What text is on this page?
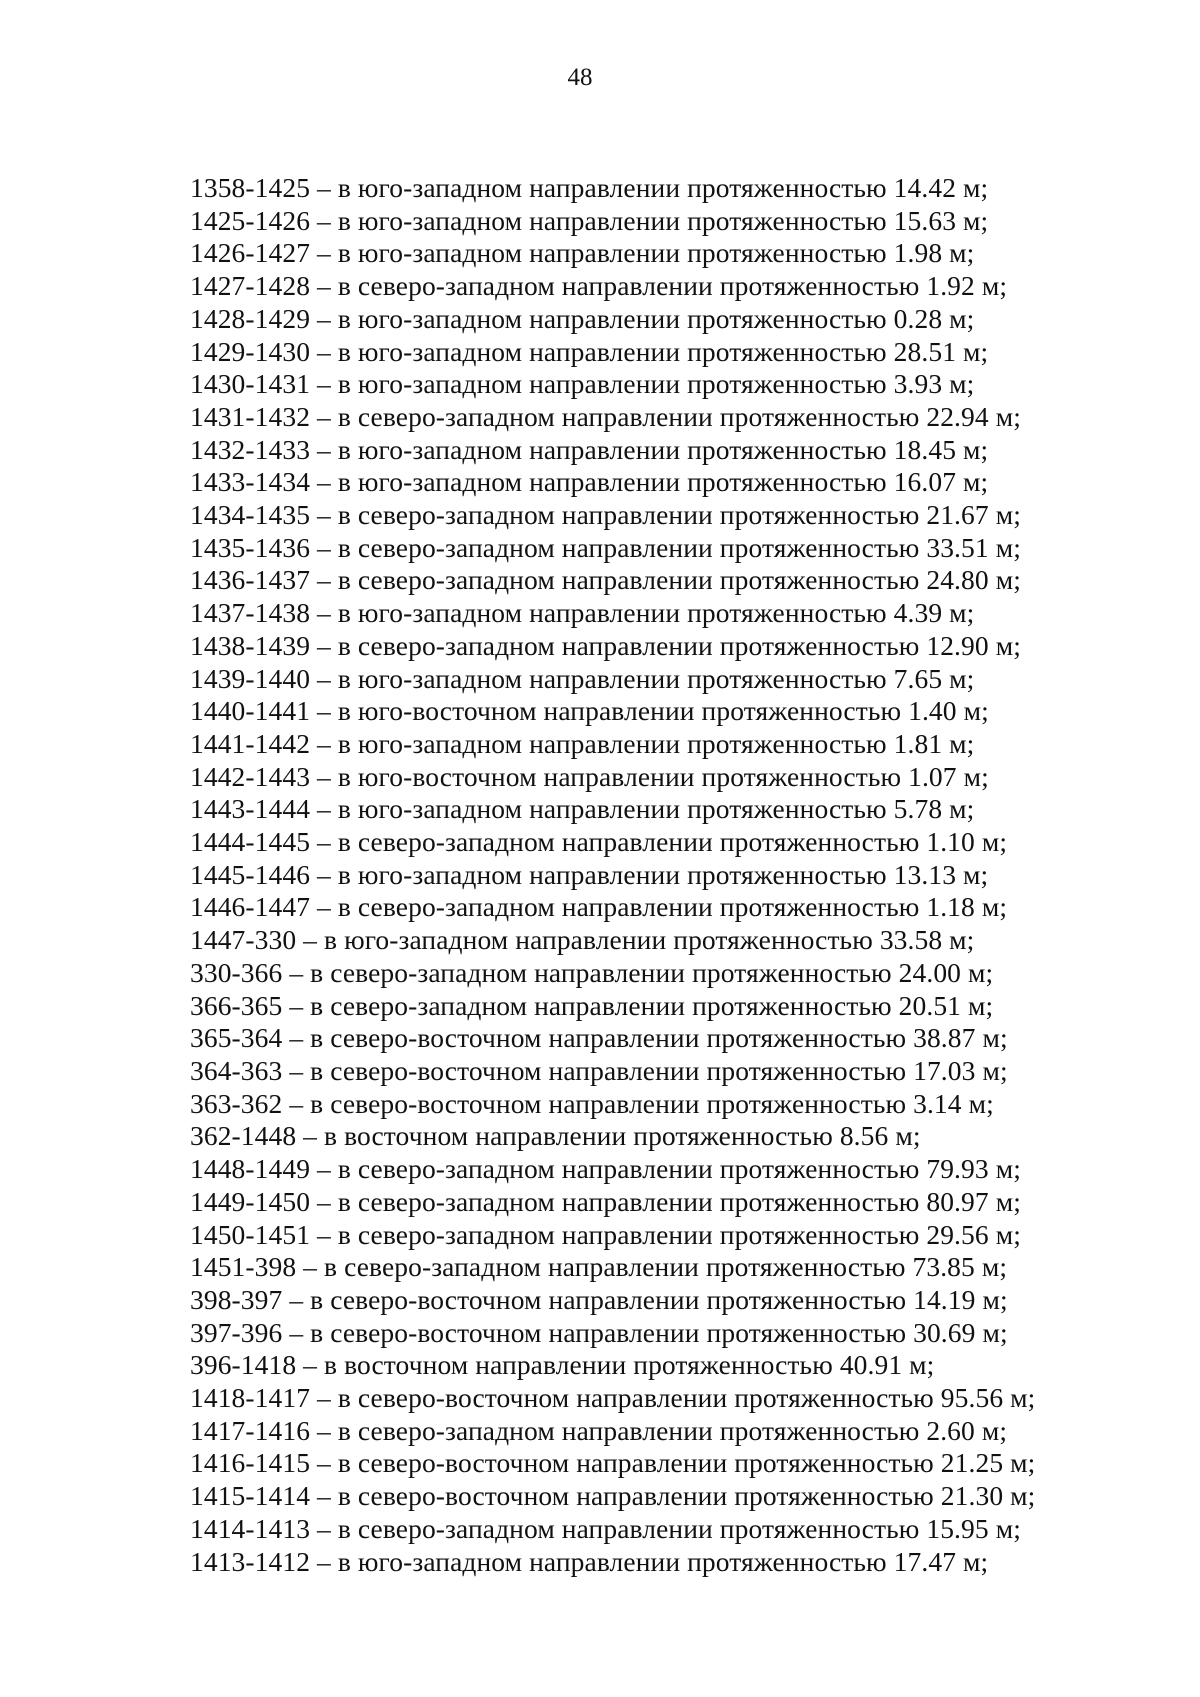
48
1358-1425 – в юго-западном направлении протяженностью 14.42 м;
1425-1426 – в юго-западном направлении протяженностью 15.63 м;
1426-1427 – в юго-западном направлении протяженностью 1.98 м;
1427-1428 – в северо-западном направлении протяженностью 1.92 м;
1428-1429 – в юго-западном направлении протяженностью 0.28 м;
1429-1430 – в юго-западном направлении протяженностью 28.51 м;
1430-1431 – в юго-западном направлении протяженностью 3.93 м;
1431-1432 – в северо-западном направлении протяженностью 22.94 м;
1432-1433 – в юго-западном направлении протяженностью 18.45 м;
1433-1434 – в юго-западном направлении протяженностью 16.07 м;
1434-1435 – в северо-западном направлении протяженностью 21.67 м;
1435-1436 – в северо-западном направлении протяженностью 33.51 м;
1436-1437 – в северо-западном направлении протяженностью 24.80 м;
1437-1438 – в юго-западном направлении протяженностью 4.39 м;
1438-1439 – в северо-западном направлении протяженностью 12.90 м;
1439-1440 – в юго-западном направлении протяженностью 7.65 м;
1440-1441 – в юго-восточном направлении протяженностью 1.40 м;
1441-1442 – в юго-западном направлении протяженностью 1.81 м;
1442-1443 – в юго-восточном направлении протяженностью 1.07 м;
1443-1444 – в юго-западном направлении протяженностью 5.78 м;
1444-1445 – в северо-западном направлении протяженностью 1.10 м;
1445-1446 – в юго-западном направлении протяженностью 13.13 м;
1446-1447 – в северо-западном направлении протяженностью 1.18 м;
1447-330 – в юго-западном направлении протяженностью 33.58 м;
330-366 – в северо-западном направлении протяженностью 24.00 м;
366-365 – в северо-западном направлении протяженностью 20.51 м;
365-364 – в северо-восточном направлении протяженностью 38.87 м;
364-363 – в северо-восточном направлении протяженностью 17.03 м;
363-362 – в северо-восточном направлении протяженностью 3.14 м;
362-1448 – в восточном направлении протяженностью 8.56 м;
1448-1449 – в северо-западном направлении протяженностью 79.93 м;
1449-1450 – в северо-западном направлении протяженностью 80.97 м;
1450-1451 – в северо-западном направлении протяженностью 29.56 м;
1451-398 – в северо-западном направлении протяженностью 73.85 м;
398-397 – в северо-восточном направлении протяженностью 14.19 м;
397-396 – в северо-восточном направлении протяженностью 30.69 м;
396-1418 – в восточном направлении протяженностью 40.91 м;
1418-1417 – в северо-восточном направлении протяженностью 95.56 м;
1417-1416 – в северо-западном направлении протяженностью 2.60 м;
1416-1415 – в северо-восточном направлении протяженностью 21.25 м;
1415-1414 – в северо-восточном направлении протяженностью 21.30 м;
1414-1413 – в северо-западном направлении протяженностью 15.95 м;
1413-1412 – в юго-западном направлении протяженностью 17.47 м;
